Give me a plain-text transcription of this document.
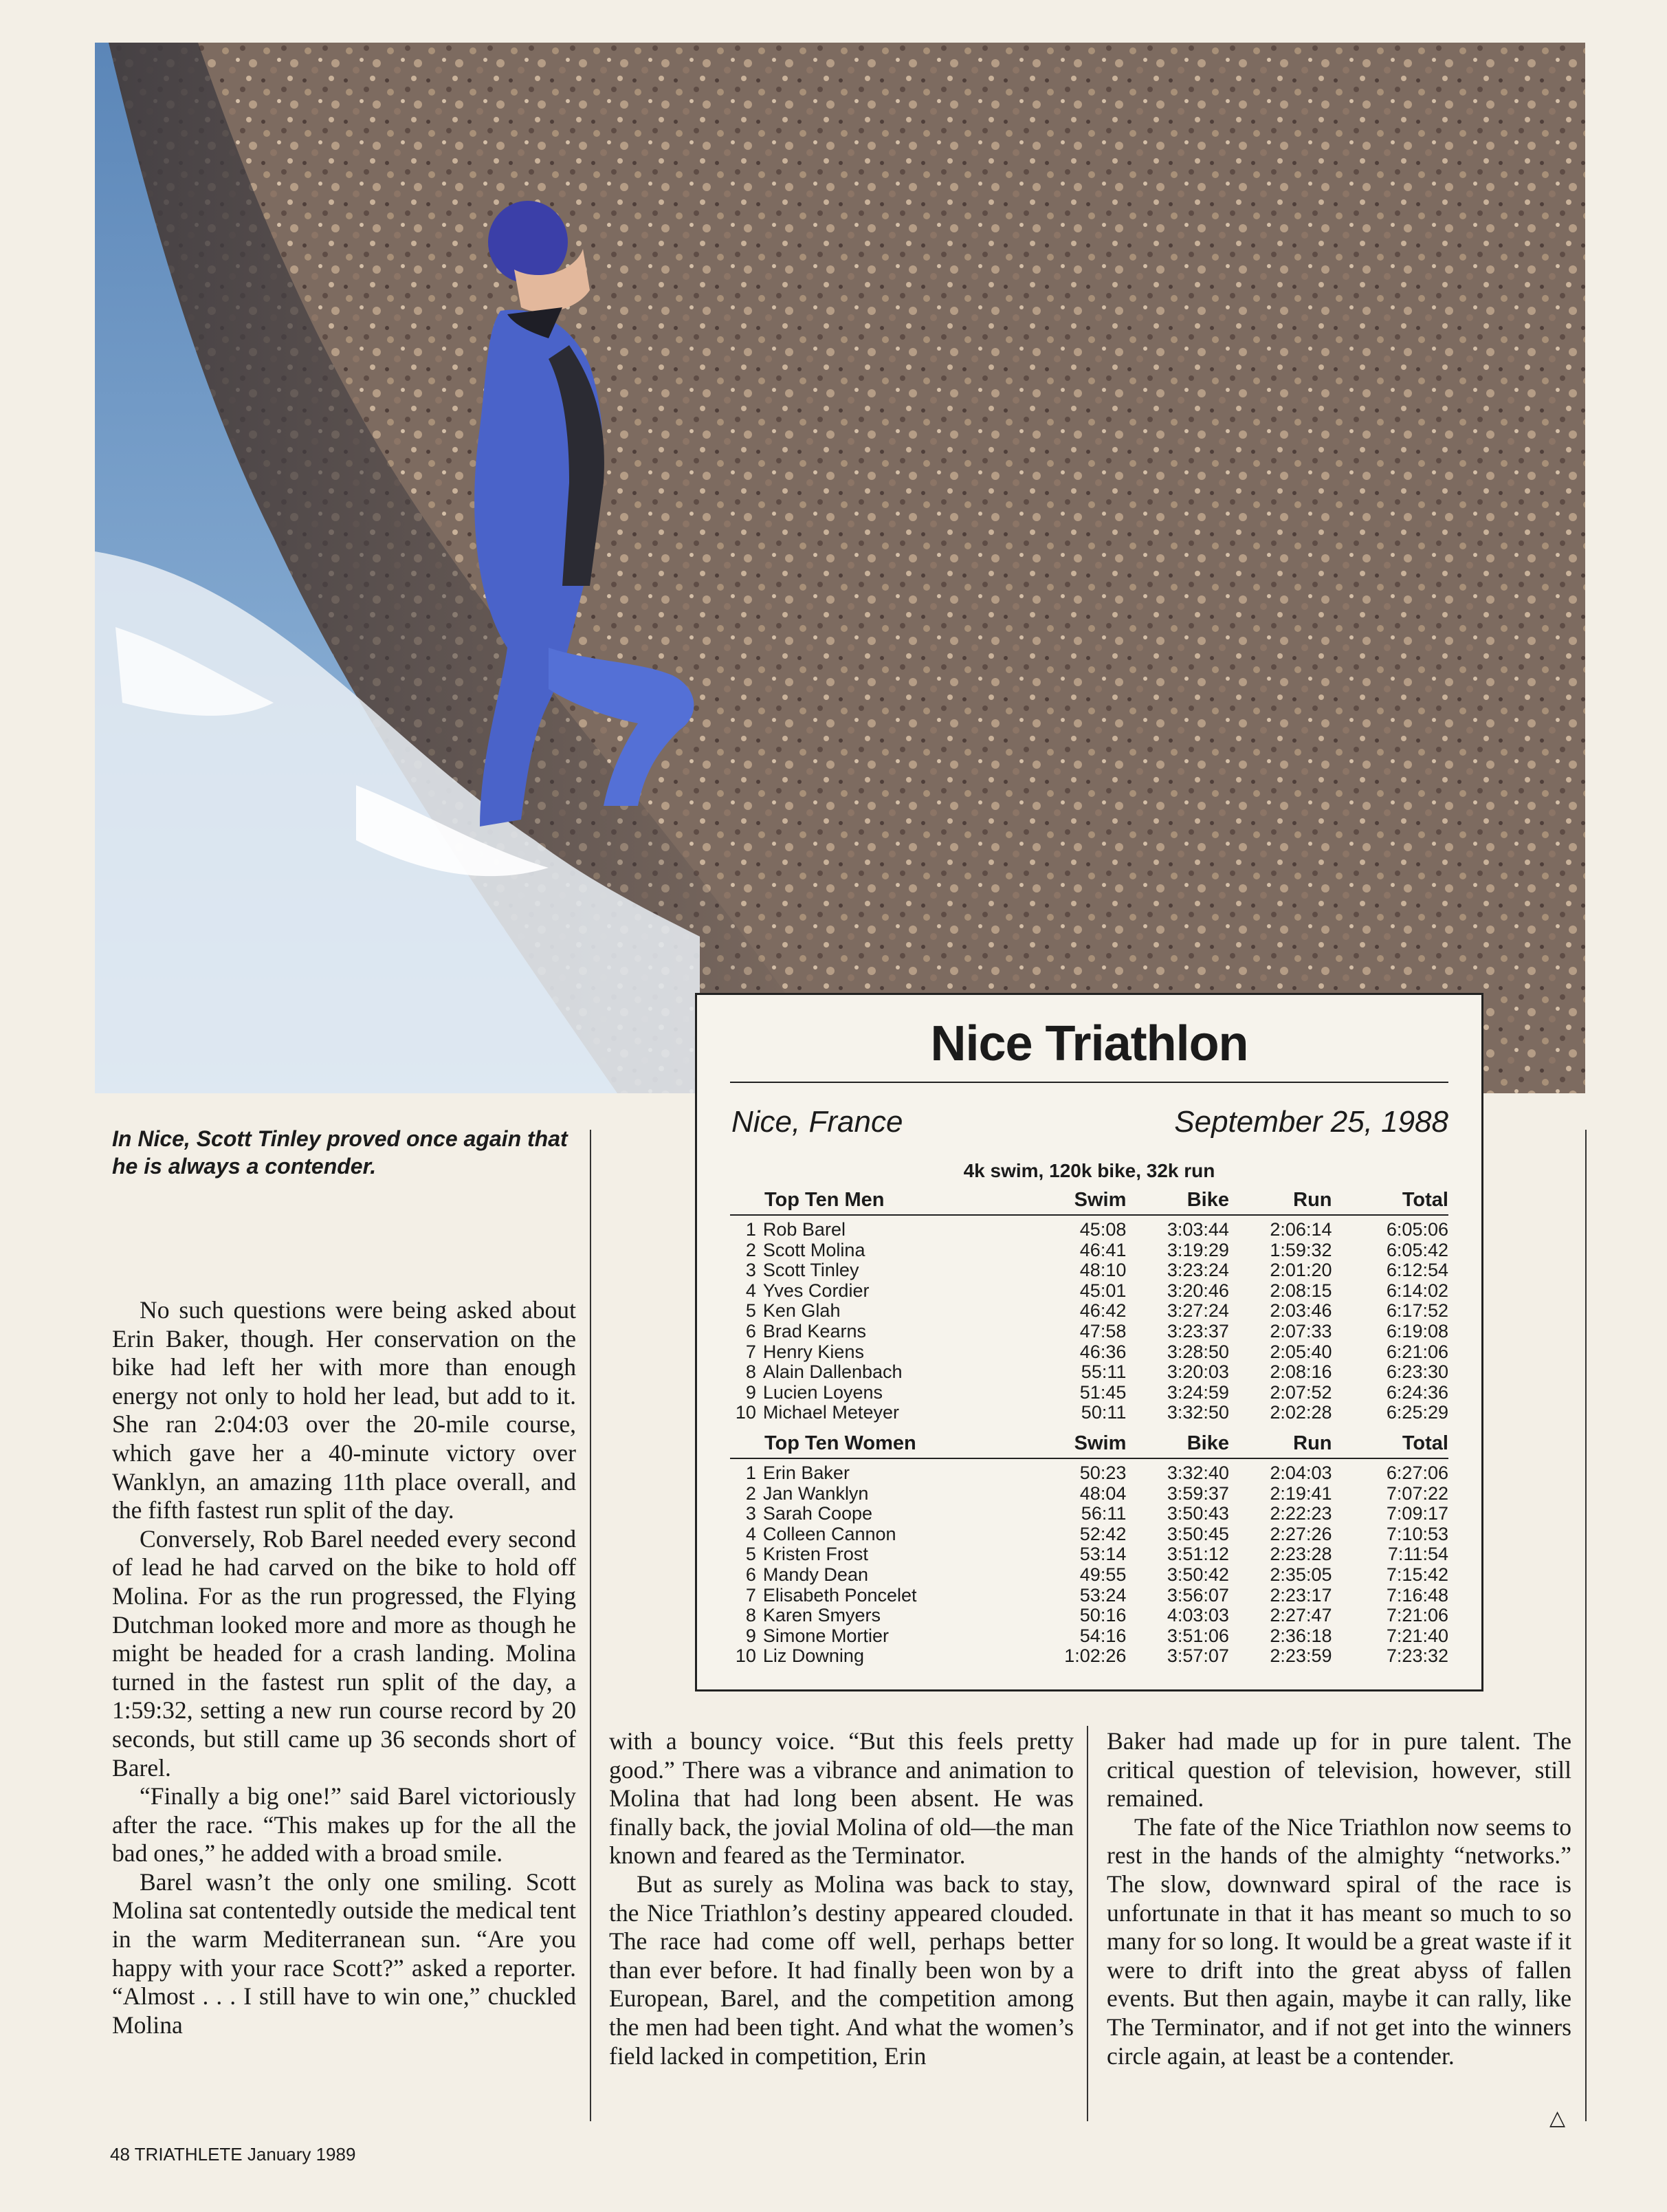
Nice Triathlon
Nice, France	September 25, 1988
4k swim, 120k bike, 32k run
Top Ten Men	Swim	Bike	Run	Total
1 Rob Barel	45:08	3:03:44	2:06:14	6:05:06
2 Scott Molina	46:41	3:19:29	1:59:32	6:05:42
3 Scott Tinley	48:10	3:23:24	2:01:20	6:12:54
4 Yves Cordier	45:01	3:20:46	2:08:15	6:14:02
5 Ken Glah	46:42	3:27:24	2:03:46	6:17:52
6 Brad Kearns	47:58	3:23:37	2:07:33	6:19:08
7 Henry Kiens	46:36	3:28:50	2:05:40	6:21:06
8 Alain Dallenbach	55:11	3:20:03	2:08:16	6:23:30
9 Lucien Loyens	51:45	3:24:59	2:07:52	6:24:36
10 Michael Meteyer	50:11	3:32:50	2:02:28	6:25:29
Top Ten Women	Swim	Bike	Run	Total
1 Erin Baker	50:23	3:32:40	2:04:03	6:27:06
2 Jan Wanklyn	48:04	3:59:37	2:19:41	7:07:22
3 Sarah Coope	56:11	3:50:43	2:22:23	7:09:17
4 Colleen Cannon	52:42	3:50:45	2:27:26	7:10:53
5 Kristen Frost	53:14	3:51:12	2:23:28	7:11:54
6 Mandy Dean	49:55	3:50:42	2:35:05	7:15:42
7 Elisabeth Poncelet	53:24	3:56:07	2:23:17	7:16:48
8 Karen Smyers	50:16	4:03:03	2:27:47	7:21:06
9 Simone Mortier	54:16	3:51:06	2:36:18	7:21:40
10 Liz Downing	1:02:26	3:57:07	2:23:59	7:23:32
In Nice, Scott Tinley proved once again that he is always a contender.

No such questions were being asked about Erin Baker, though. Her conservation on the bike had left her with more than enough energy not only to hold her lead, but add to it. She ran 2:04:03 over the 20-mile course, which gave her a 40-minute victory over Wanklyn, an amazing 11th place overall, and the fifth fastest run split of the day.

Conversely, Rob Barel needed every second of lead he had carved on the bike to hold off Molina. For as the run progressed, the Flying Dutchman looked more and more as though he might be headed for a crash landing. Molina turned in the fastest run split of the day, a 1:59:32, setting a new run course record by 20 seconds, but still came up 36 seconds short of Barel.

“Finally a big one!” said Barel victoriously after the race. “This makes up for the all the bad ones,” he added with a broad smile.

Barel wasn’t the only one smiling. Scott Molina sat contentedly outside the medical tent in the warm Mediterranean sun. “Are you happy with your race Scott?” asked a reporter. “Almost . . . I still have to win one,” chuckled Molina

with a bouncy voice. “But this feels pretty good.” There was a vibrance and animation to Molina that had long been absent. He was finally back, the jovial Molina of old—the man known and feared as the Terminator.

But as surely as Molina was back to stay, the Nice Triathlon’s destiny appeared clouded. The race had come off well, perhaps better than ever before. It had finally been won by a European, Barel, and the competition among the men had been tight. And what the women’s field lacked in competition, Erin

Baker had made up for in pure talent. The critical question of television, however, still remained.

The fate of the Nice Triathlon now seems to rest in the hands of the almighty “networks.” The slow, downward spiral of the race is unfortunate in that it has meant so much to so many for so long. It would be a great waste if it were to drift into the great abyss of fallen events. But then again, maybe it can rally, like The Terminator, and if not get into the winners circle again, at least be a contender.

△
48 TRIATHLETE January 1989
